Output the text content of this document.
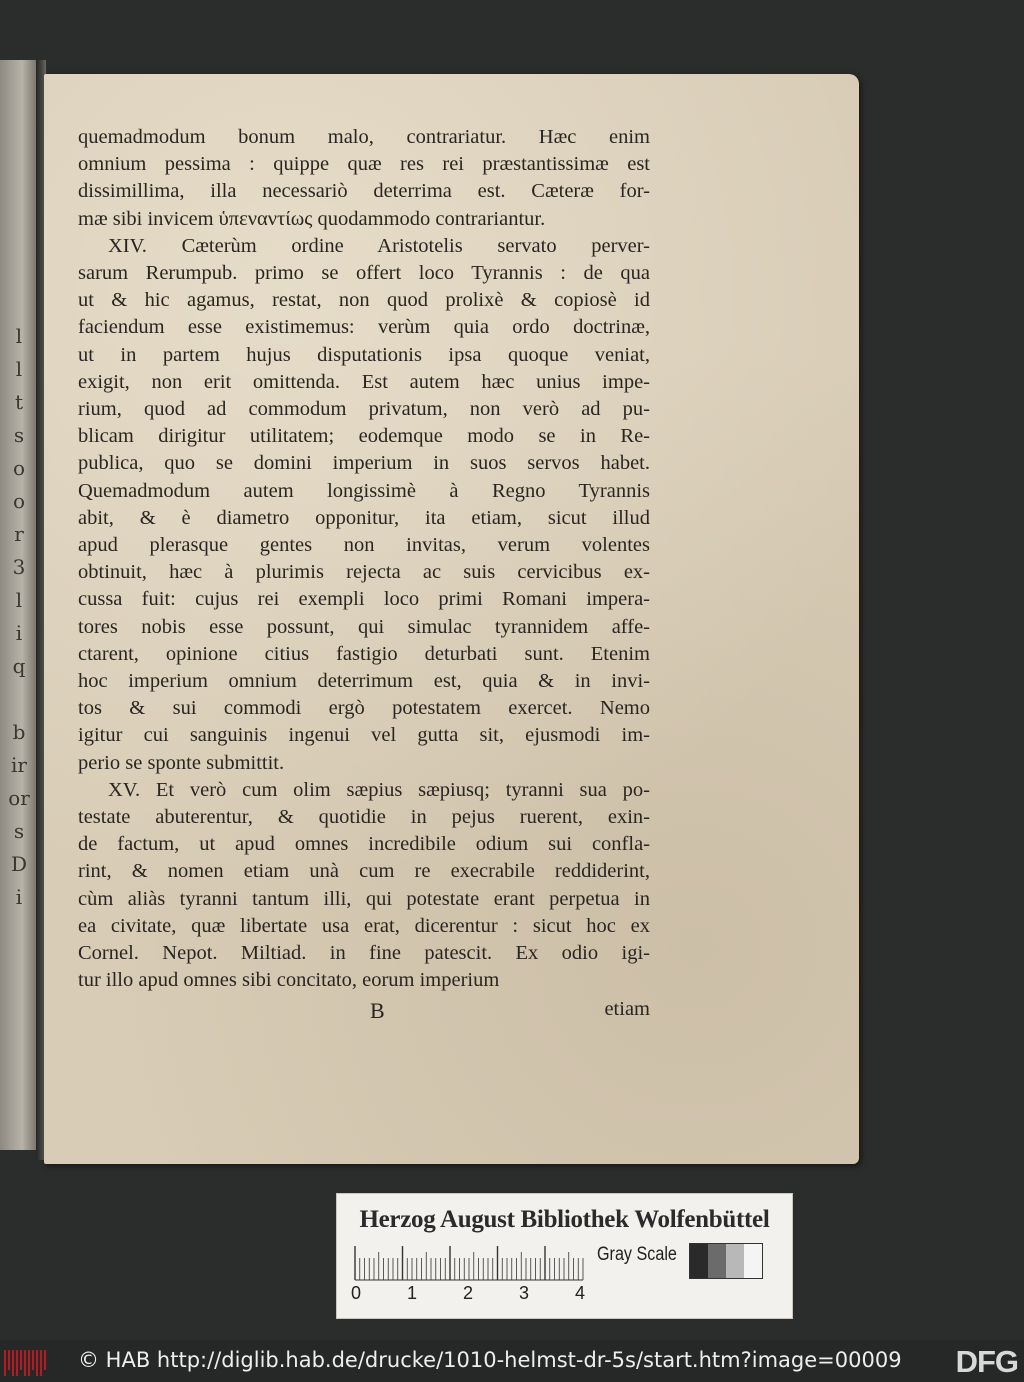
l
l
t
s
o
o
r
3
l
i
q

b
ir
or
s
D
i
quemadmodum bonum malo, contrariatur. Hæc enim
omnium pessima : quippe quæ res rei præstantissimæ est
dissimillima, illa necessariò deterrima est. Cæteræ for-
mæ sibi invicem ὑπεναντίως quodammodo contrariantur.
XIV. Cæterùm ordine Aristotelis servato perver-
sarum Rerumpub. primo se offert loco Tyrannis : de qua
ut & hic agamus, restat, non quod prolixè & copiosè id
faciendum esse existimemus: verùm quia ordo doctrinæ,
ut in partem hujus disputationis ipsa quoque veniat,
exigit, non erit omittenda. Est autem hæc unius impe-
rium, quod ad commodum privatum, non verò ad pu-
blicam dirigitur utilitatem; eodemque modo se in Re-
publica, quo se domini imperium in suos servos habet.
Quemadmodum autem longissimè à Regno Tyrannis
abit, & è diametro opponitur, ita etiam, sicut illud
apud plerasque gentes non invitas, verum volentes
obtinuit, hæc à plurimis rejecta ac suis cervicibus ex-
cussa fuit: cujus rei exempli loco primi Romani impera-
tores nobis esse possunt, qui simulac tyrannidem affe-
ctarent, opinione citius fastigio deturbati sunt. Etenim
hoc imperium omnium deterrimum est, quia & in invi-
tos & sui commodi ergò potestatem exercet. Nemo
igitur cui sanguinis ingenui vel gutta sit, ejusmodi im-
perio se sponte submittit.
XV. Et verò cum olim sæpius sæpiusq; tyranni sua po-
testate abuterentur, & quotidie in pejus ruerent, exin-
de factum, ut apud omnes incredibile odium sui confla-
rint, & nomen etiam unà cum re execrabile reddiderint,
cùm aliàs tyranni tantum illi, qui potestate erant perpetua in
ea civitate, quæ libertate usa erat, dicerentur : sicut hoc ex
Cornel. Nepot. Miltiad. in fine patescit. Ex odio igi-
tur illo apud omnes sibi concitato, eorum imperium
B	etiam
Herzog August Bibliothek Wolfenbüttel
0	1	2	3	4
Gray Scale
© HAB http://diglib.hab.de/drucke/1010-helmst-dr-5s/start.htm?image=00009 DFG
